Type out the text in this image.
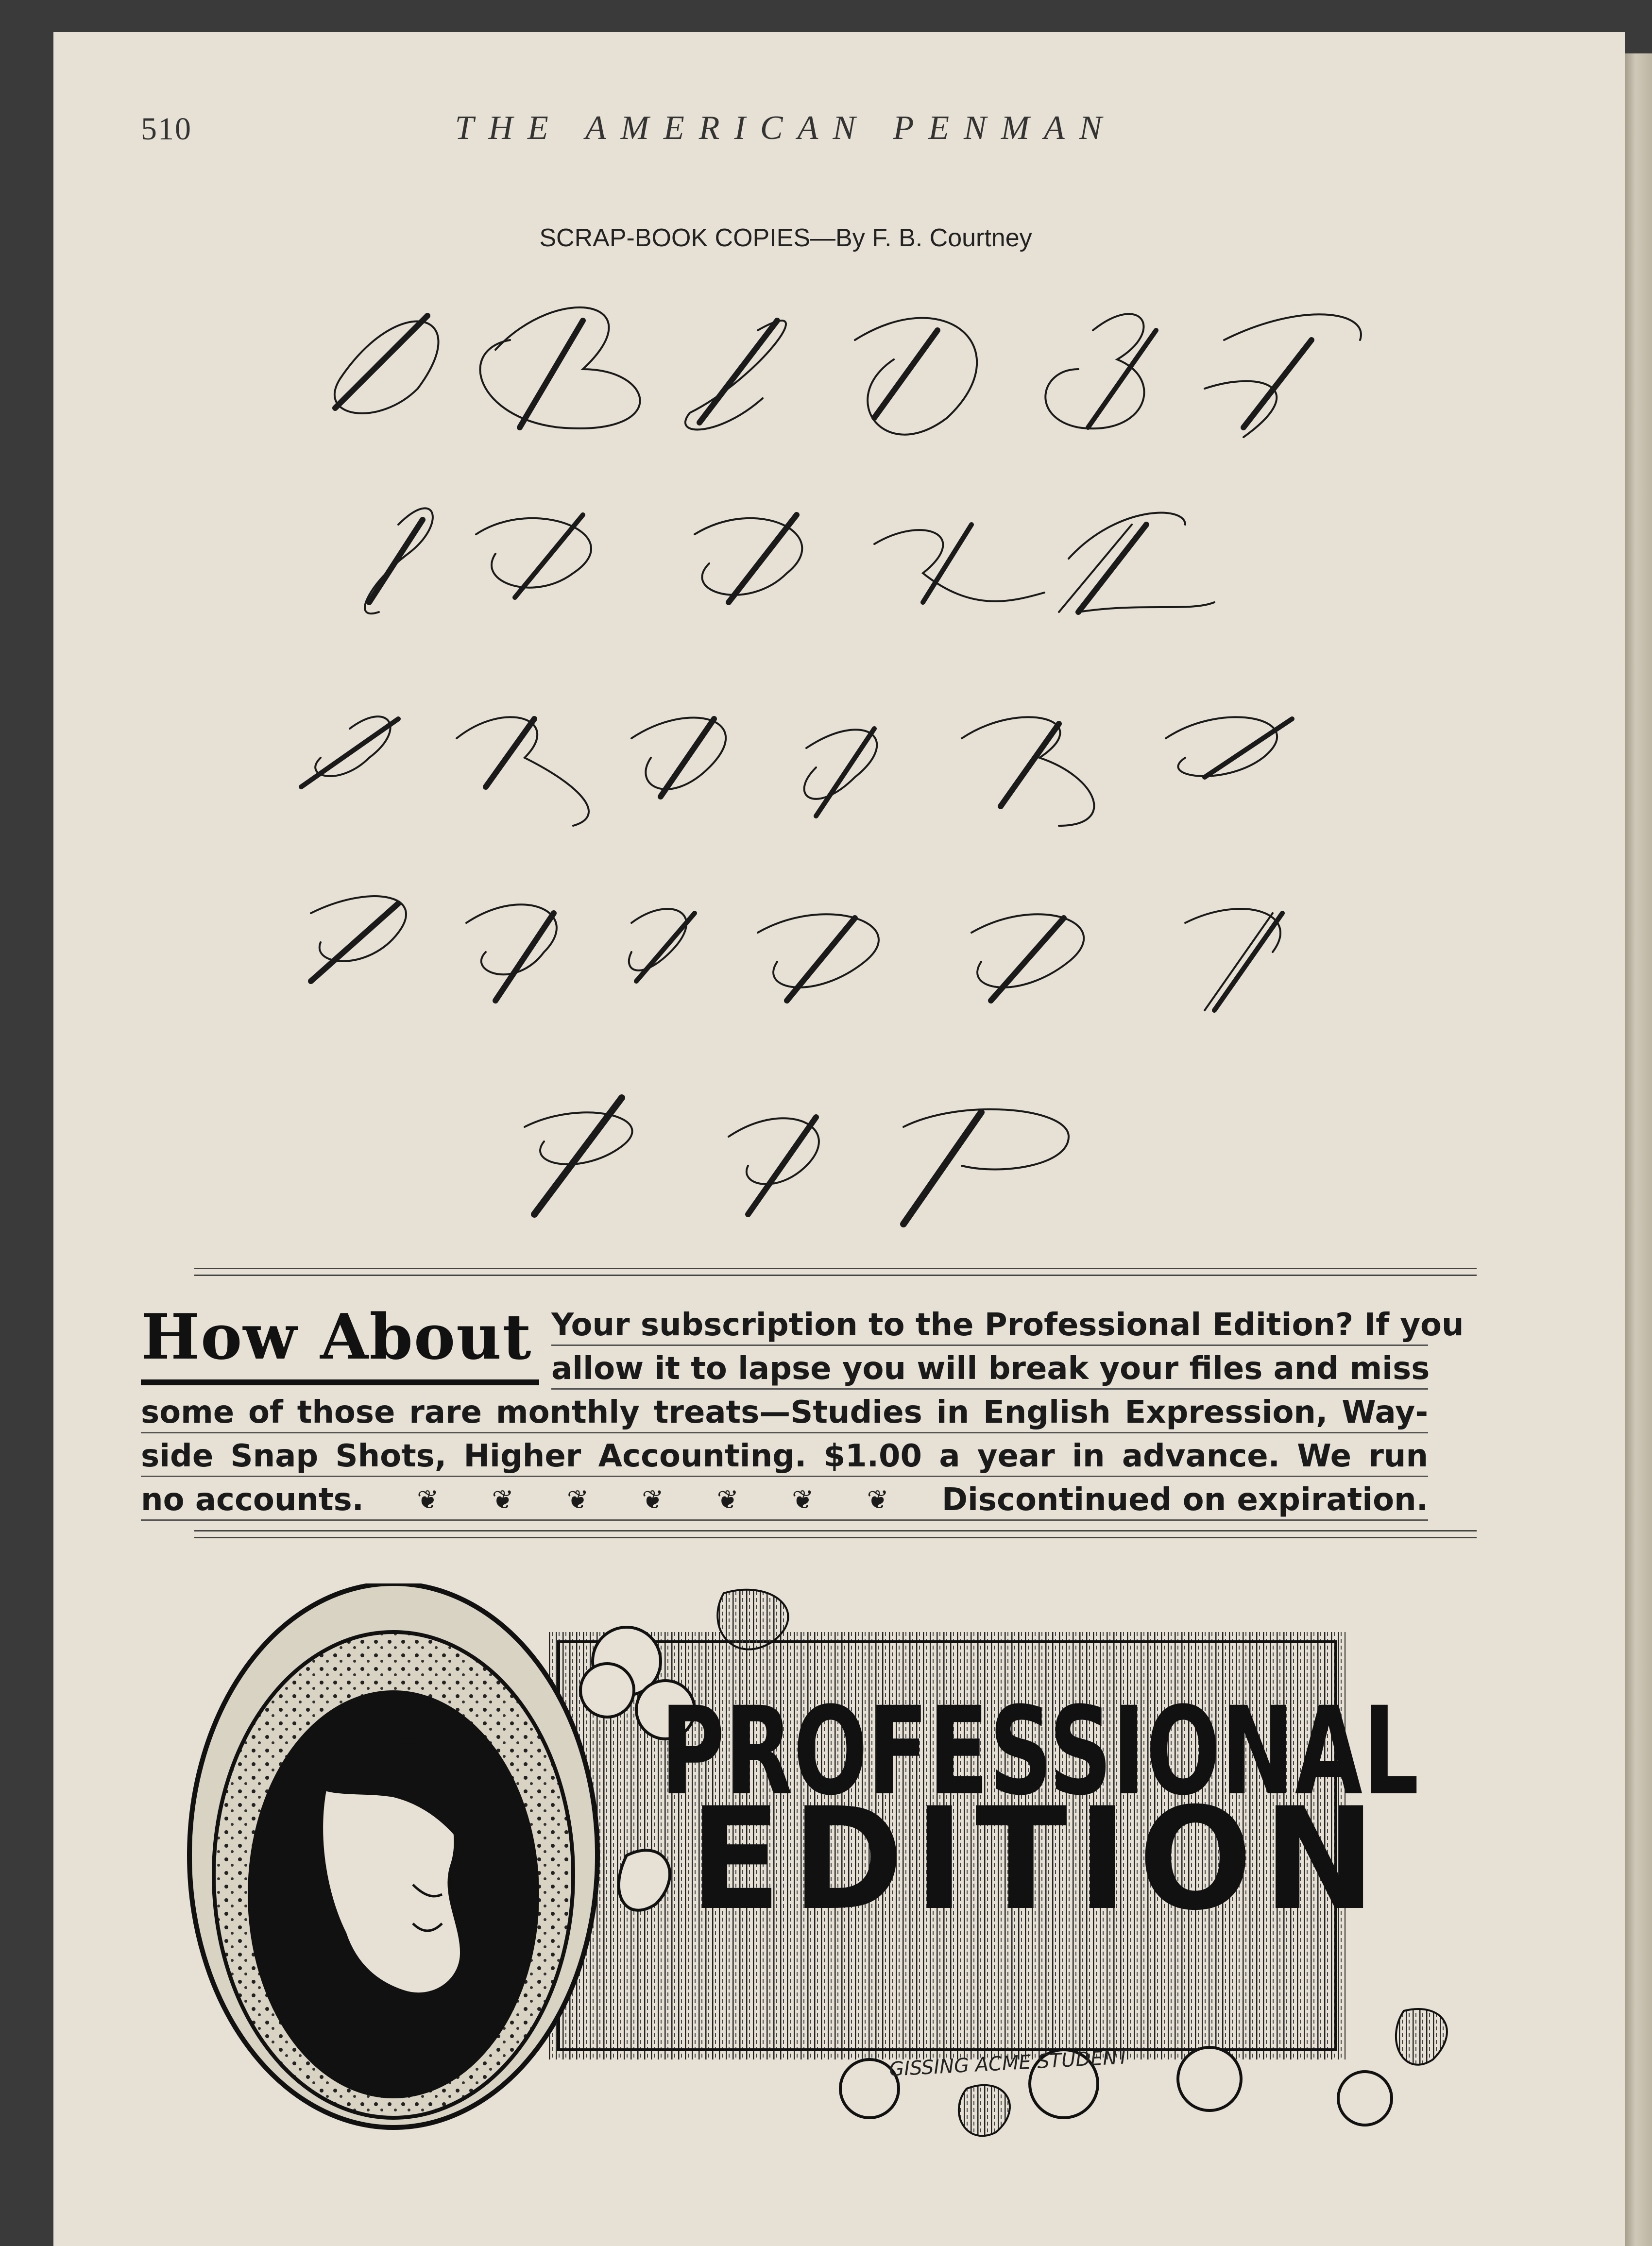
510	THE AMERICAN PENMAN
SCRAP-BOOK COPIES—By F. B. Courtney
How About Your subscription to the Professional Edition? If you
allow it to lapse you will break your files and miss
some of those rare monthly treats—Studies in English Expression, Way-
side Snap Shots, Higher Accounting. $1.00 a year in advance. We run
no accounts. ❦ ❦ ❦ ❦ ❦ ❦ ❦ Discontinued on expiration.
PROFESSIONAL
EDITION
GISSING ACME STUDENT
